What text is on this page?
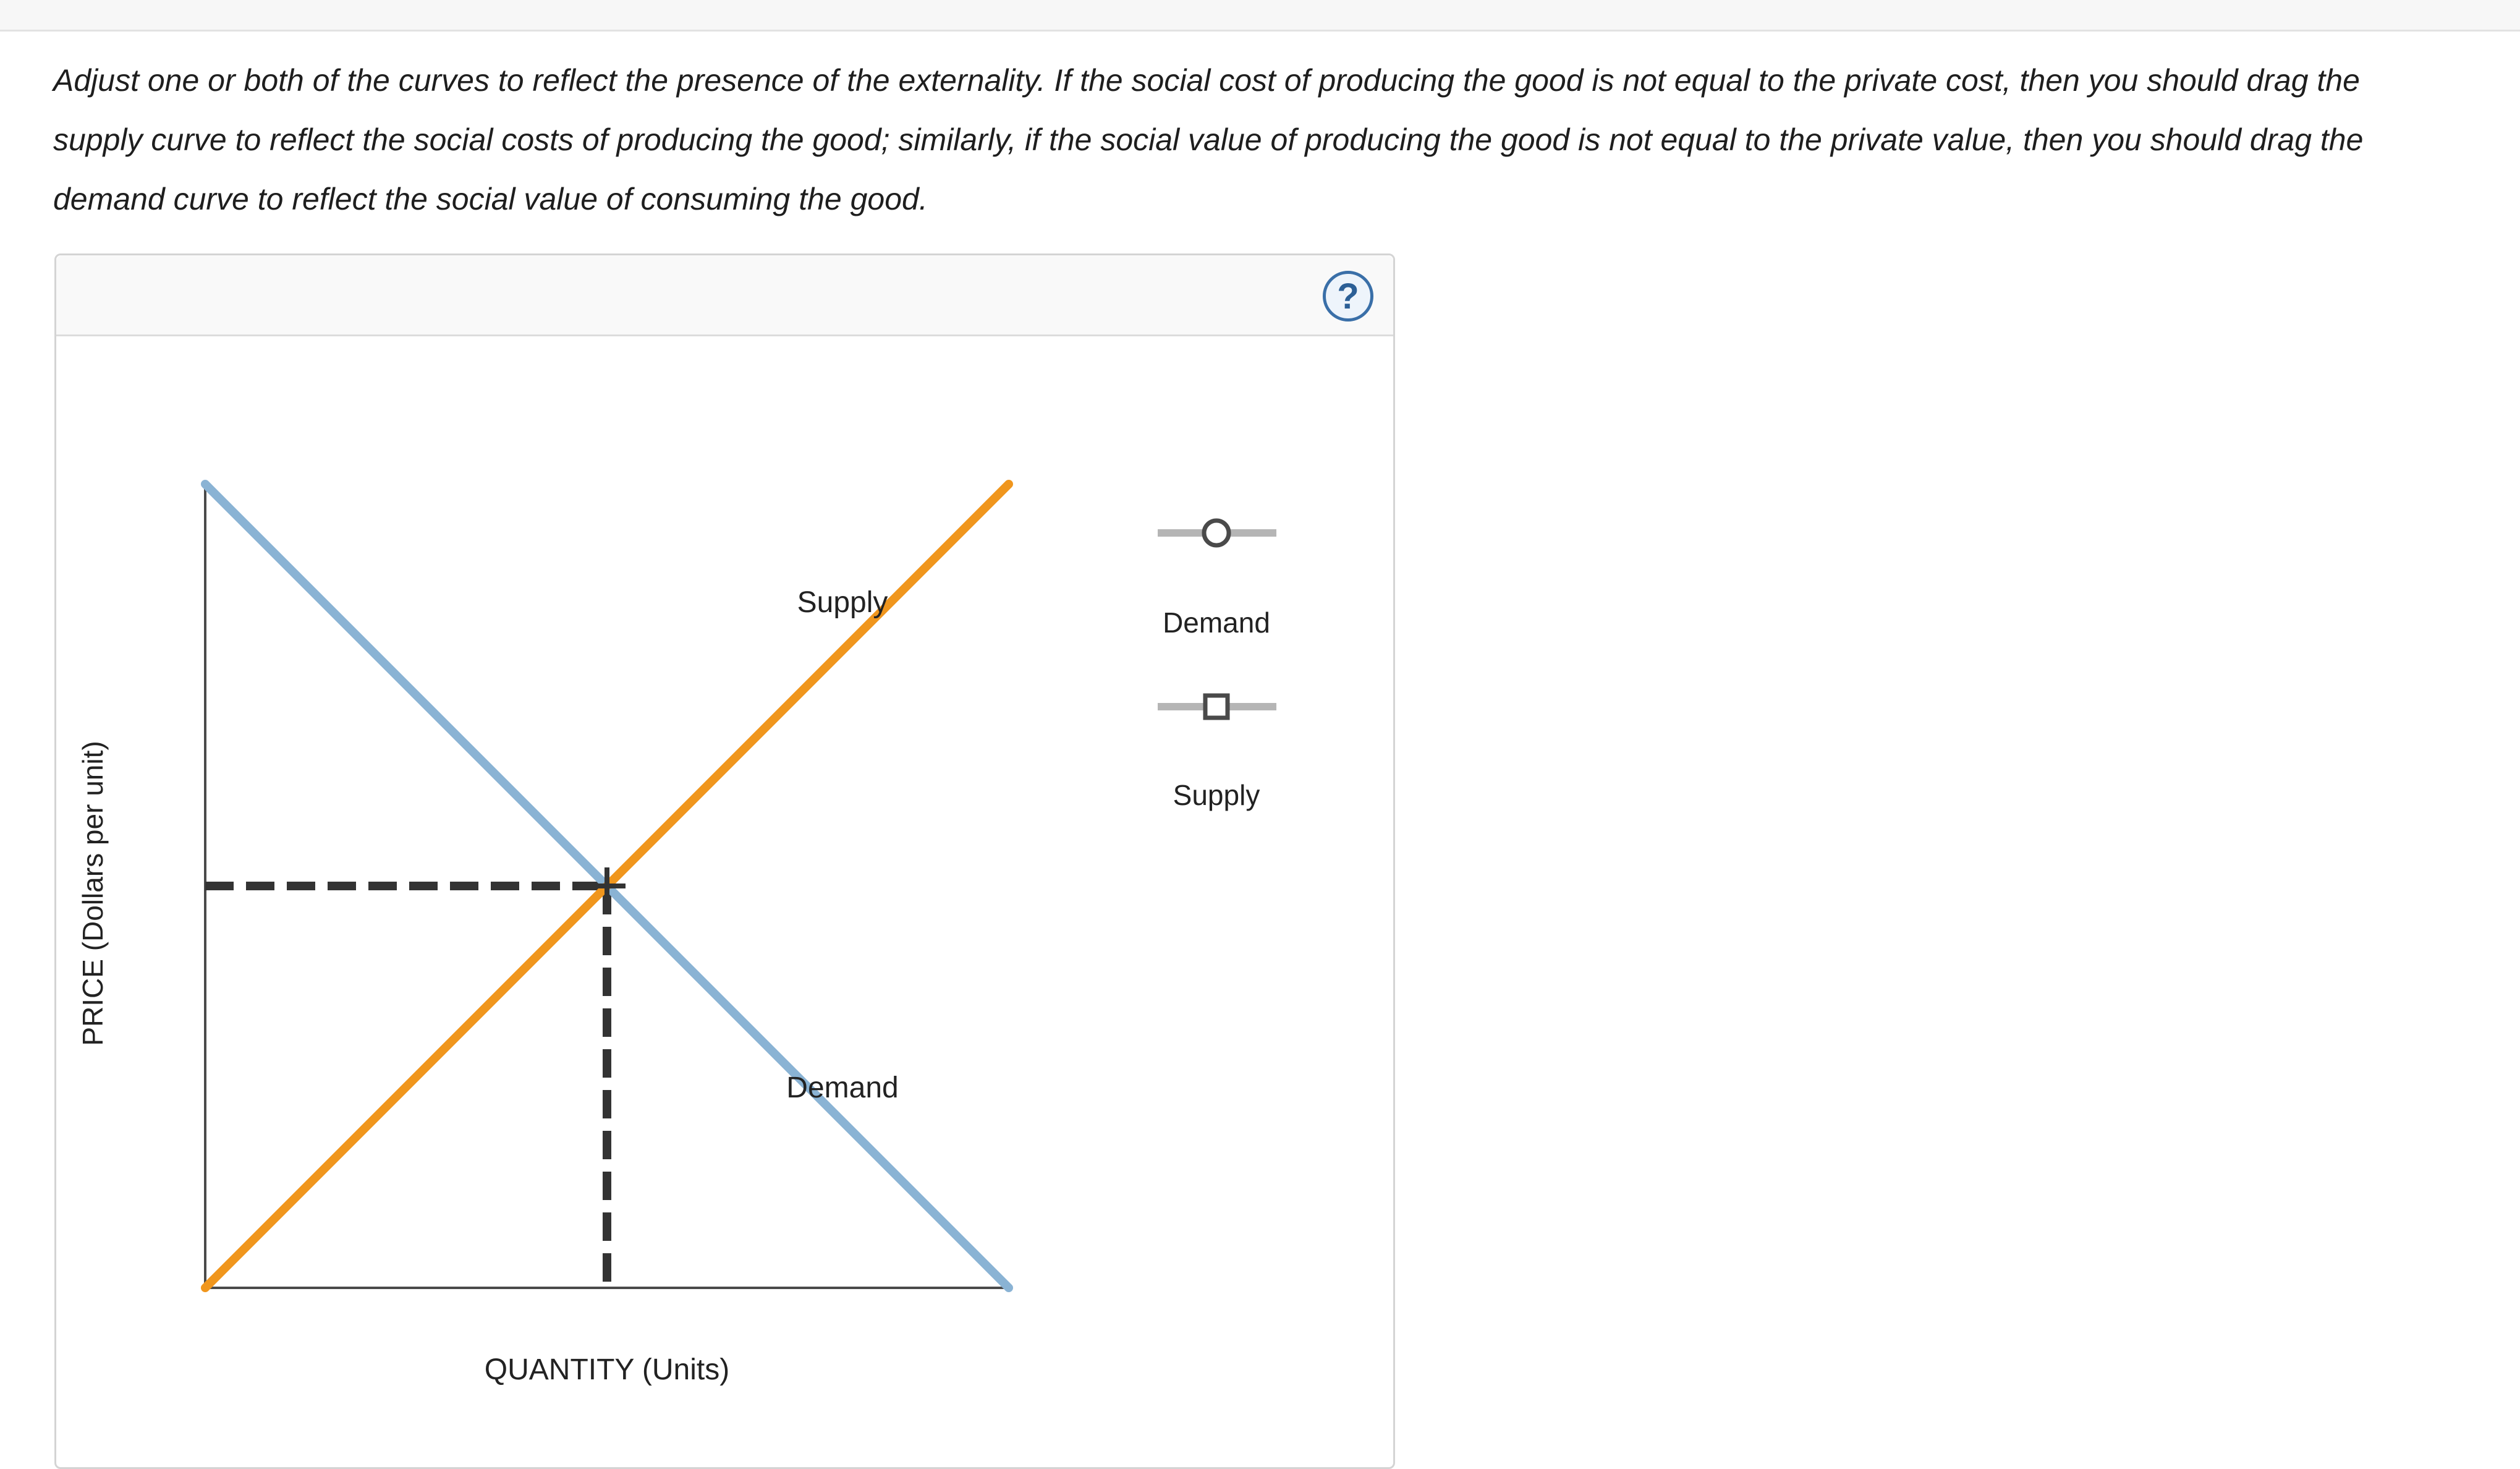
Adjust one or both of the curves to reflect the presence of the externality. If the social cost of producing the good is not equal to the private cost, then you should drag the supply curve to reflect the social costs of producing the good; similarly, if the social value of producing the good is not equal to the private value, then you should drag the demand curve to reflect the social value of consuming the good.
?
Supply
Demand
PRICE (Dollars per unit)
QUANTITY (Units)
Demand
Supply
